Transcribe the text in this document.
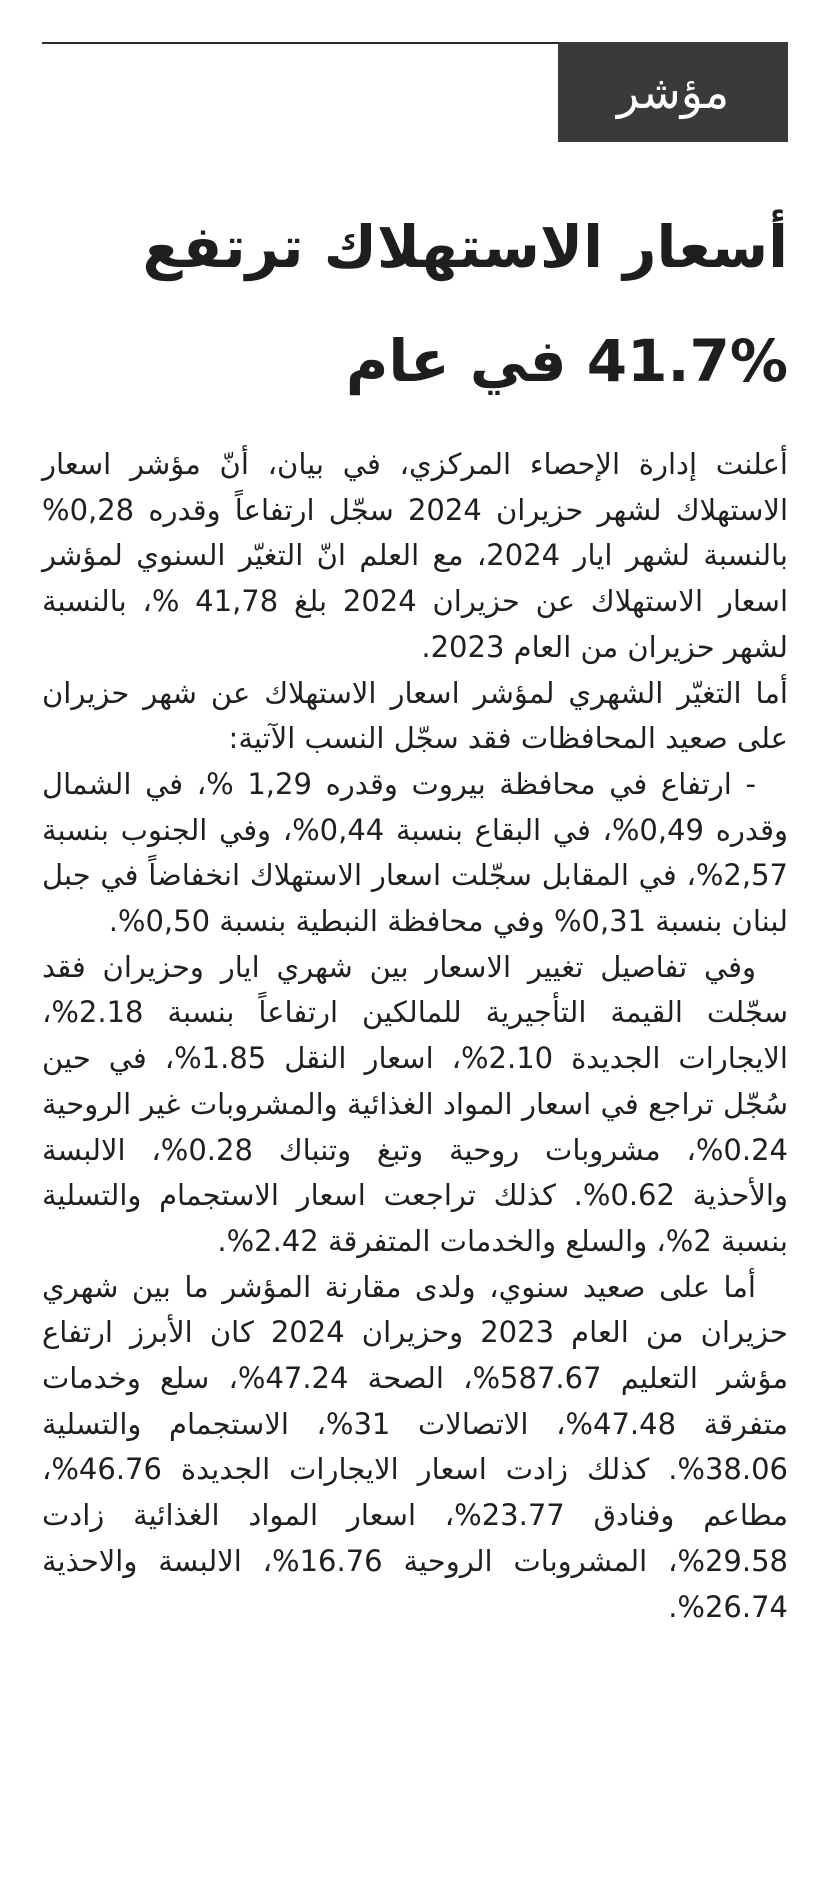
مؤشر
أسعار الاستهلاك ترتفع
41.7% في عام

أعلنت إدارة الإحصاء المركزي، في بيان، أنّ مؤشر اسعار الاستهلاك لشهر حزيران 2024 سجّل ارتفاعاً وقدره 0,28% بالنسبة لشهر ايار 2024، مع العلم انّ التغيّر السنوي لمؤشر اسعار الاستهلاك عن حزيران 2024 بلغ 41,78 %، بالنسبة لشهر حزيران من العام 2023.

أما التغيّر الشهري لمؤشر اسعار الاستهلاك عن شهر حزيران على صعيد المحافظات فقد سجّل النسب الآتية:

- ارتفاع في محافظة بيروت وقدره 1,29 %، في الشمال وقدره 0,49%، في البقاع بنسبة 0,44%، وفي الجنوب بنسبة 2,57%، في المقابل سجّلت اسعار الاستهلاك انخفاضاً في جبل لبنان بنسبة 0,31% وفي محافظة النبطية بنسبة 0,50%.

وفي تفاصيل تغيير الاسعار بين شهري ايار وحزيران فقد سجّلت القيمة التأجيرية للمالكين ارتفاعاً بنسبة 2.18%، الايجارات الجديدة 2.10%، اسعار النقل 1.85%، في حين سُجّل تراجع في اسعار المواد الغذائية والمشروبات غير الروحية 0.24%، مشروبات روحية وتبغ وتنباك 0.28%، الالبسة والأحذية 0.62%. كذلك تراجعت اسعار الاستجمام والتسلية بنسبة 2%، والسلع والخدمات المتفرقة 2.42%.

أما على صعيد سنوي، ولدى مقارنة المؤشر ما بين شهري حزيران من العام 2023 وحزيران 2024 كان الأبرز ارتفاع مؤشر التعليم 587.67%، الصحة 47.24%، سلع وخدمات متفرقة 47.48%، الاتصالات 31%، الاستجمام والتسلية 38.06%. كذلك زادت اسعار الايجارات الجديدة 46.76%، مطاعم وفنادق 23.77%، اسعار المواد الغذائية زادت 29.58%، المشروبات الروحية 16.76%، الالبسة والاحذية 26.74%.
